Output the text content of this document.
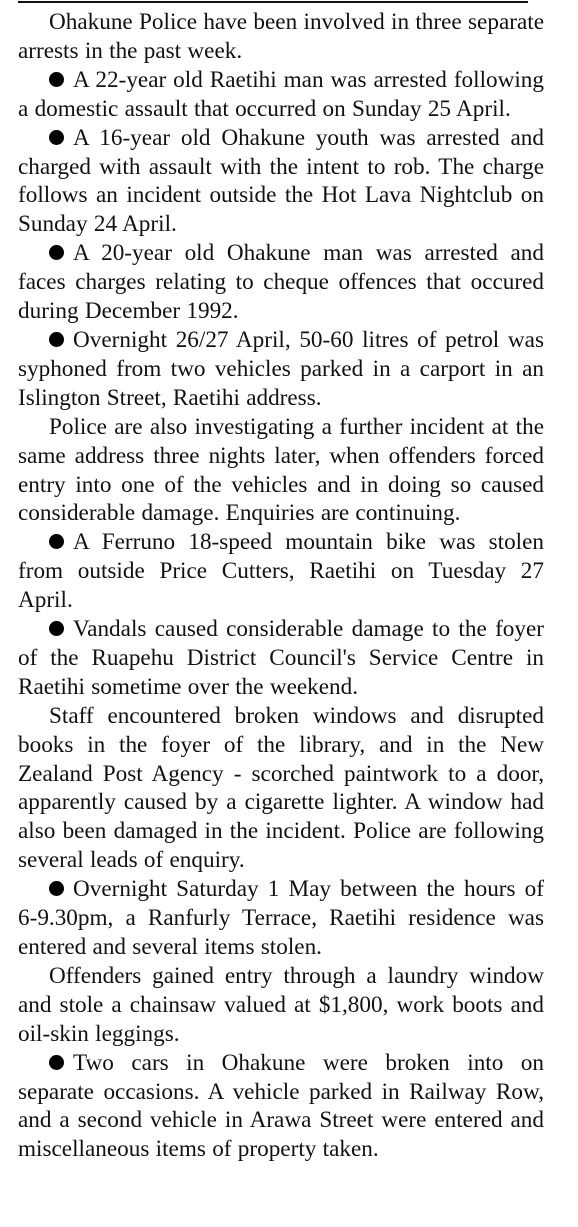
Ohakune Police have been involved in three separate arrests in the past week.

A 22-year old Raetihi man was arrested following a domestic assault that occurred on Sunday 25 April.

A 16-year old Ohakune youth was arrested and charged with assault with the intent to rob. The charge follows an incident outside the Hot Lava Nightclub on Sunday 24 April.

A 20-year old Ohakune man was arrested and faces charges relating to cheque offences that occured during December 1992.

Overnight 26/27 April, 50-60 litres of petrol was syphoned from two vehicles parked in a carport in an Islington Street, Raetihi address.

Police are also investigating a further incident at the same address three nights later, when offenders forced entry into one of the vehicles and in doing so caused considerable damage. Enquiries are continuing.

A Ferruno 18-speed mountain bike was stolen from outside Price Cutters, Raetihi on Tuesday 27 April.

Vandals caused considerable damage to the foyer of the Ruapehu District Council's Service Centre in Raetihi sometime over the weekend.

Staff encountered broken windows and disrupted books in the foyer of the library, and in the New Zealand Post Agency - scorched paintwork to a door, apparently caused by a cigarette lighter. A window had also been damaged in the incident. Police are following several leads of enquiry.

Overnight Saturday 1 May between the hours of 6-9.30pm, a Ranfurly Terrace, Raetihi residence was entered and several items stolen.

Offenders gained entry through a laundry window and stole a chainsaw valued at $1,800, work boots and oil-skin leggings.

Two cars in Ohakune were broken into on separate occasions. A vehicle parked in Railway Row, and a second vehicle in Arawa Street were entered and miscellaneous items of property taken.
